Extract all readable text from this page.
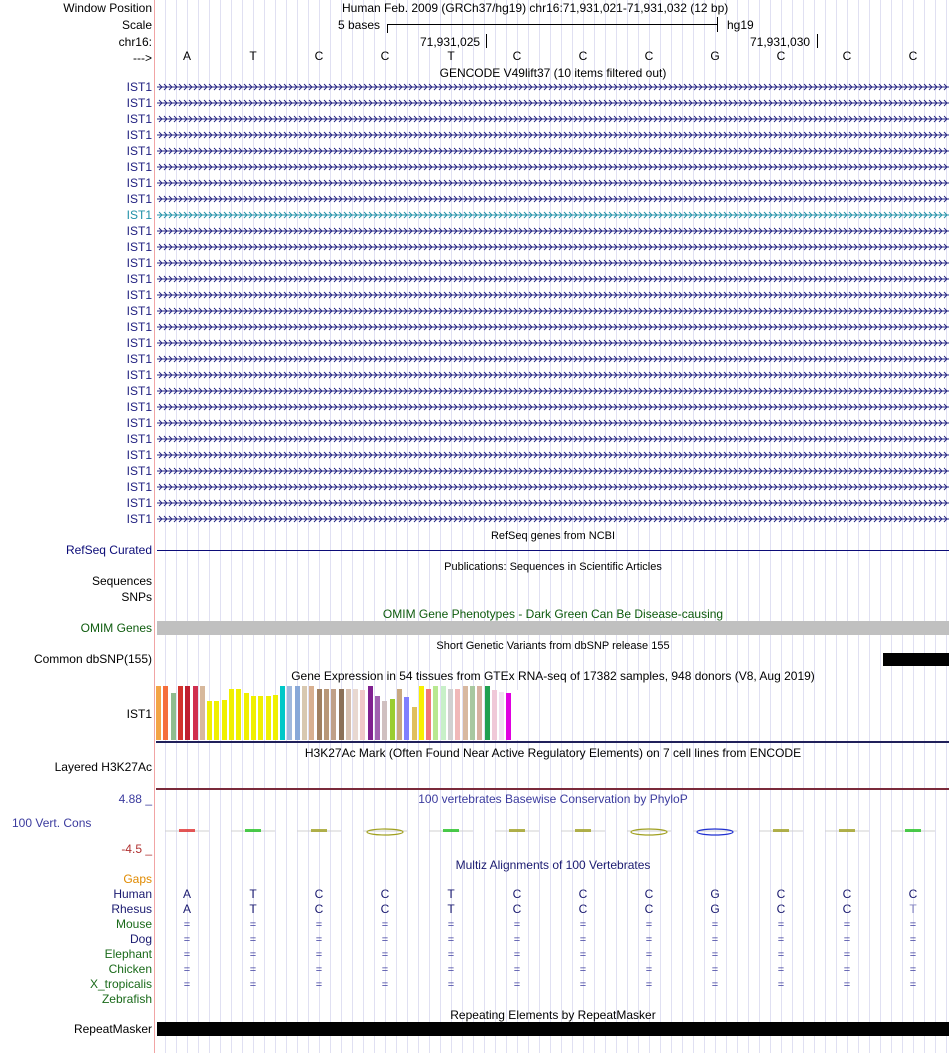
Window Position
Scale
chr16:
--->
Human Feb. 2009 (GRCh37/hg19) chr16:71,931,021-71,931,032 (12 bp)
5 bases	hg19
71,931,025	71,931,030
A	T	C	C	T	C	C	C	G	C	C	C
GENCODE V49lift37 (10 items filtered out)
IST1
IST1
IST1
IST1
IST1
IST1
IST1
IST1
IST1
IST1
IST1
IST1
IST1
IST1
IST1
IST1
IST1
IST1
IST1
IST1
IST1
IST1
IST1
IST1
IST1
IST1
IST1
IST1
RefSeq genes from NCBI
RefSeq Curated
Publications: Sequences in Scientific Articles
Sequences
SNPs
OMIM Gene Phenotypes - Dark Green Can Be Disease-causing
OMIM Genes
Short Genetic Variants from dbSNP release 155
Common dbSNP(155)
Gene Expression in 54 tissues from GTEx RNA-seq of 17382 samples, 948 donors (V8, Aug 2019)
IST1
H3K27Ac Mark (Often Found Near Active Regulatory Elements) on 7 cell lines from ENCODE
Layered H3K27Ac
100 vertebrates Basewise Conservation by PhyloP
4.88 _
100 Vert. Cons
-4.5 _
Multiz Alignments of 100 Vertebrates
Gaps
Human	A	T	C	C	T	C	C	C	G	C	C	C
Rhesus	A	T	C	C	T	C	C	C	G	C	C	T
Mouse	=	=	=	=	=	=	=	=	=	=	=	=
Dog	=	=	=	=	=	=	=	=	=	=	=	=
Elephant	=	=	=	=	=	=	=	=	=	=	=	=
Chicken	=	=	=	=	=	=	=	=	=	=	=	=
X_tropicalis	=	=	=	=	=	=	=	=	=	=	=	=
Zebrafish
Repeating Elements by RepeatMasker
RepeatMasker
